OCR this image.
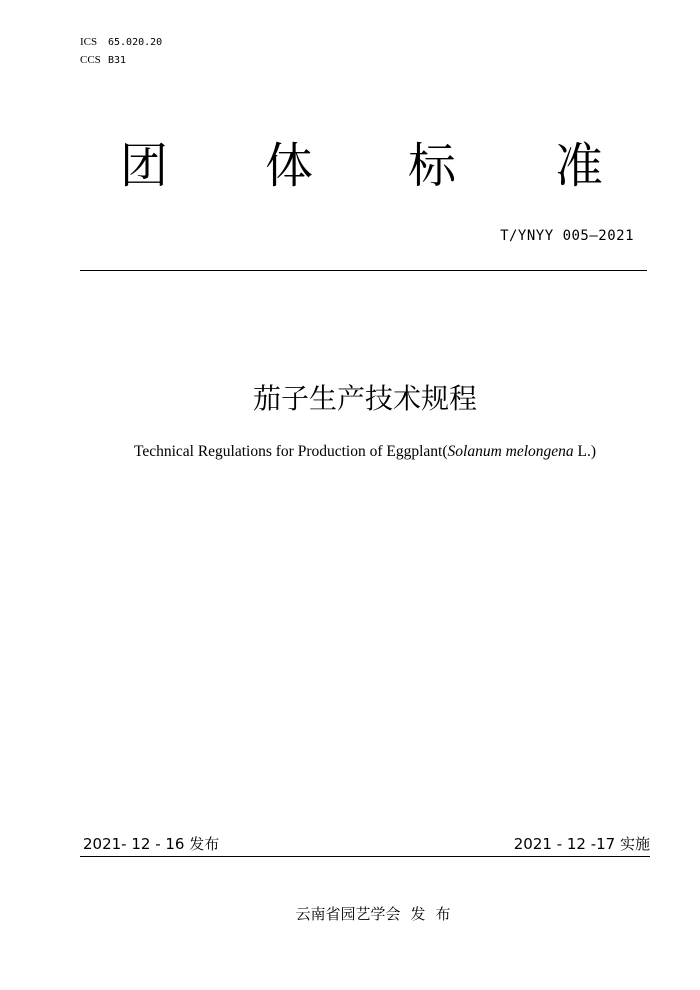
ICS 65.020.20
CCS B31
团 体 标 准
T/YNYY 005—2021
茄子生产技术规程
Technical Regulations for Production of Eggplant(Solanum melongena L.)
2021- 12 - 16 发布	2021 - 12 -17 实施
云南省园艺学会 发 布
